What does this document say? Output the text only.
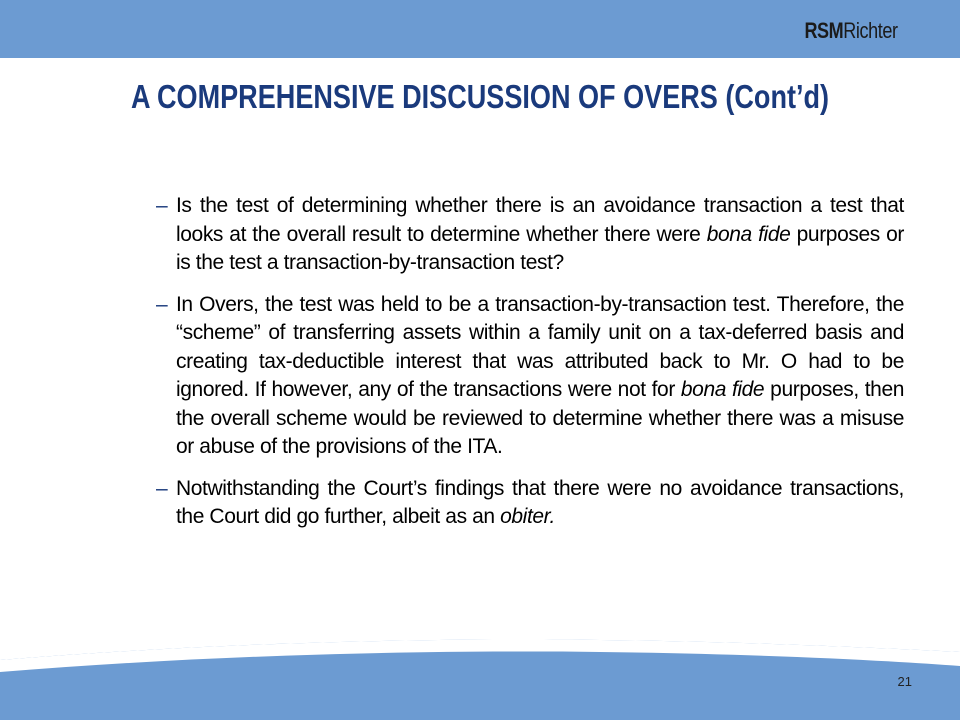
RSMRichter
A COMPREHENSIVE DISCUSSION OF OVERS (Cont’d)
– Is the test of determining whether there is an avoidance transaction a test that looks at the overall result to determine whether there were bona fide purposes or is the test a transaction-by-transaction test?
– In Overs, the test was held to be a transaction-by-transaction test. Therefore, the “scheme” of transferring assets within a family unit on a tax-deferred basis and creating tax-deductible interest that was attributed back to Mr. O had to be ignored. If however, any of the transactions were not for bona fide purposes, then the overall scheme would be reviewed to determine whether there was a misuse or abuse of the provisions of the ITA.
– Notwithstanding the Court’s findings that there were no avoidance transactions, the Court did go further, albeit as an obiter.
21
